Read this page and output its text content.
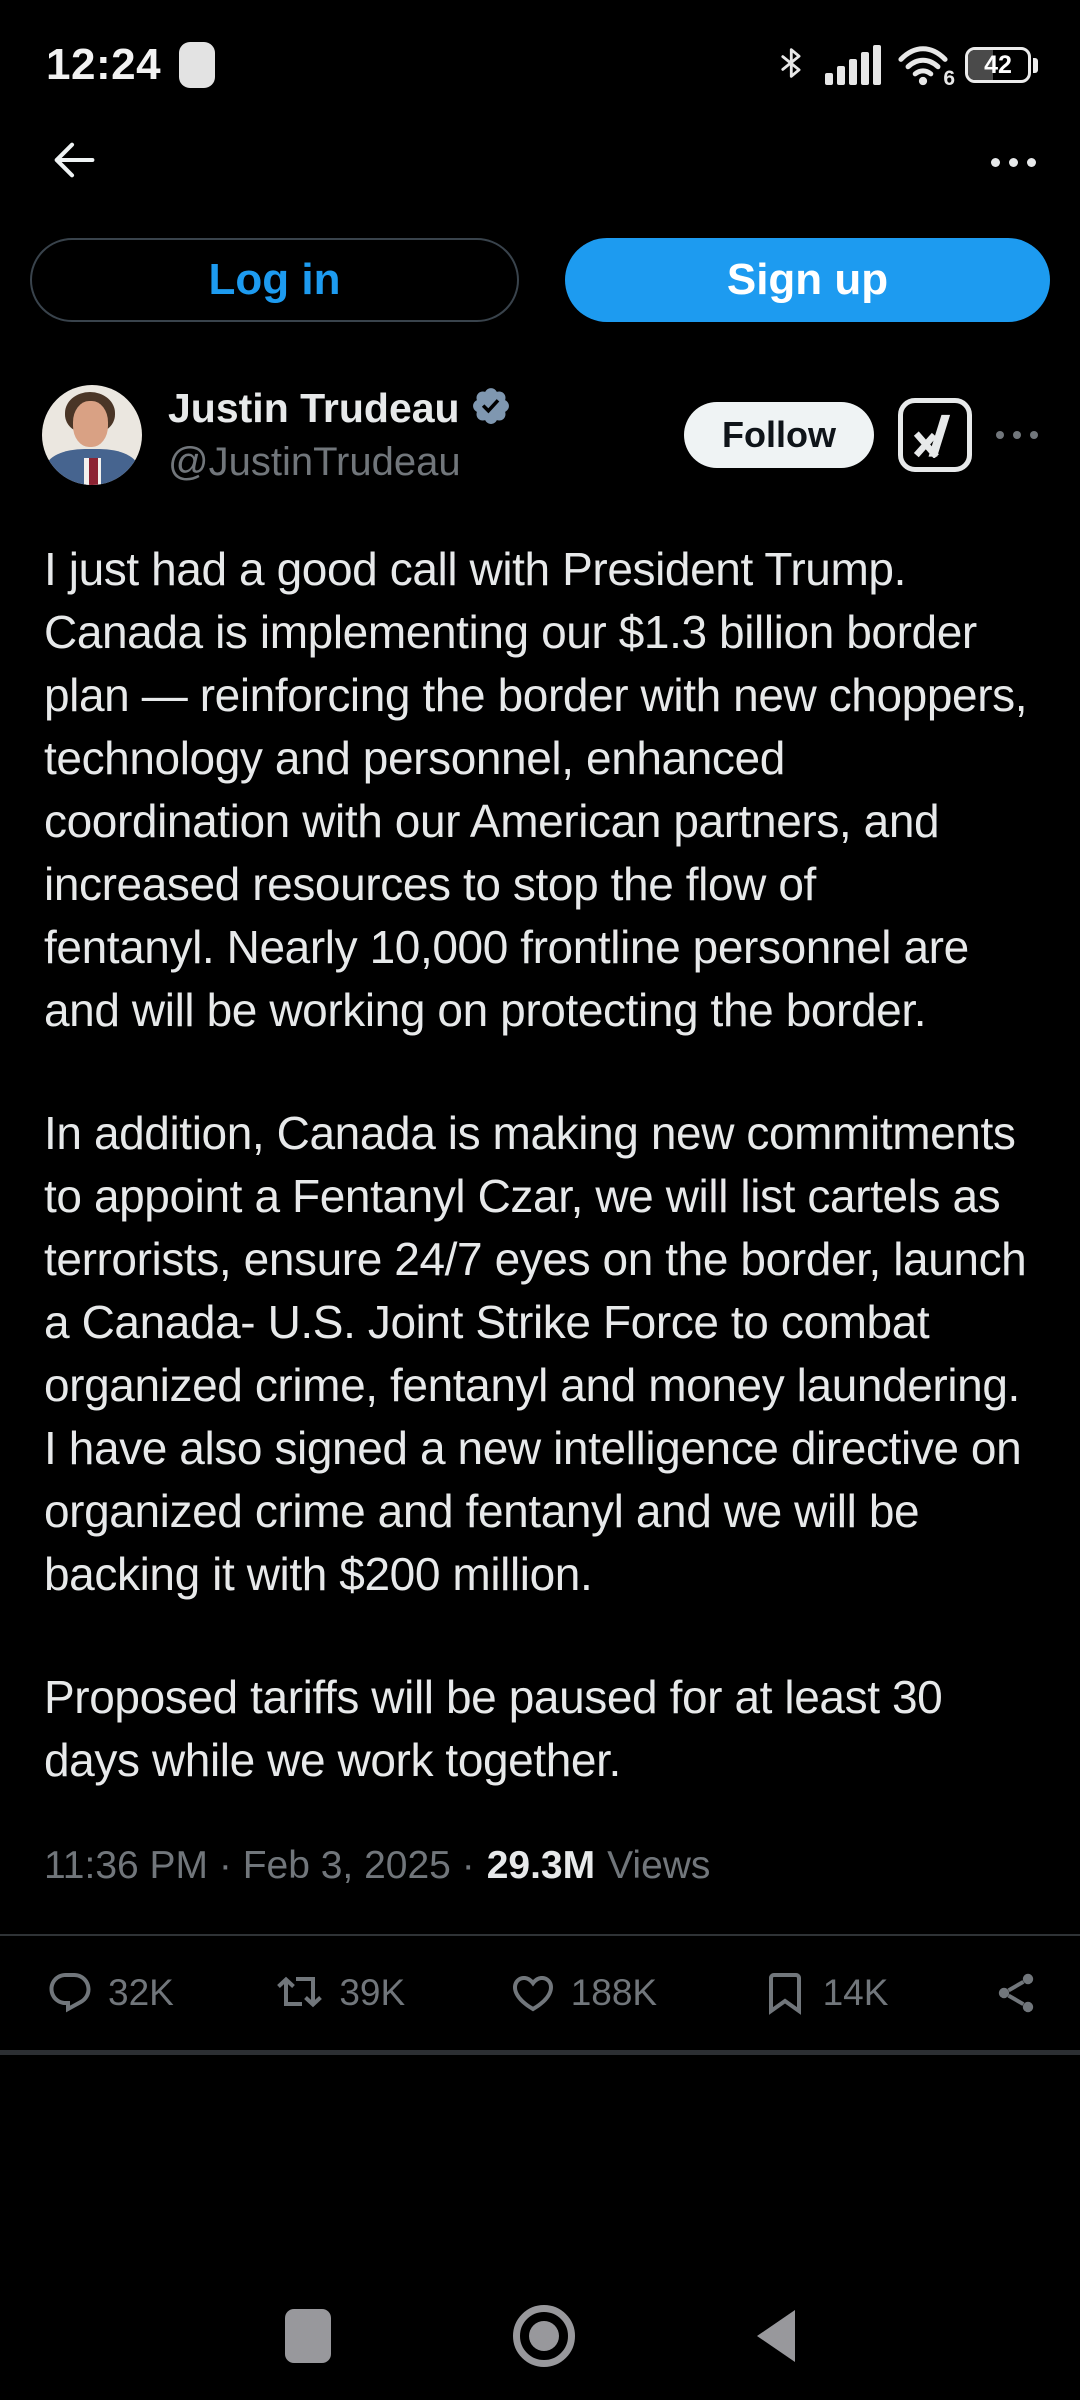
12:24	6	42
Log in	Sign up
Justin Trudeau
@JustinTrudeau
Follow

I just had a good call with President Trump.
Canada is implementing our $1.3 billion border
plan — reinforcing the border with new choppers,
technology and personnel, enhanced
coordination with our American partners, and
increased resources to stop the flow of
fentanyl. Nearly 10,000 frontline personnel are
and will be working on protecting the border.

In addition, Canada is making new commitments
to appoint a Fentanyl Czar, we will list cartels as
terrorists, ensure 24/7 eyes on the border, launch
a Canada- U.S. Joint Strike Force to combat
organized crime, fentanyl and money laundering.
I have also signed a new intelligence directive on
organized crime and fentanyl and we will be
backing it with $200 million.

Proposed tariffs will be paused for at least 30
days while we work together.

11:36 PM · Feb 3, 2025 · 29.3M Views
32K	39K	188K	14K
